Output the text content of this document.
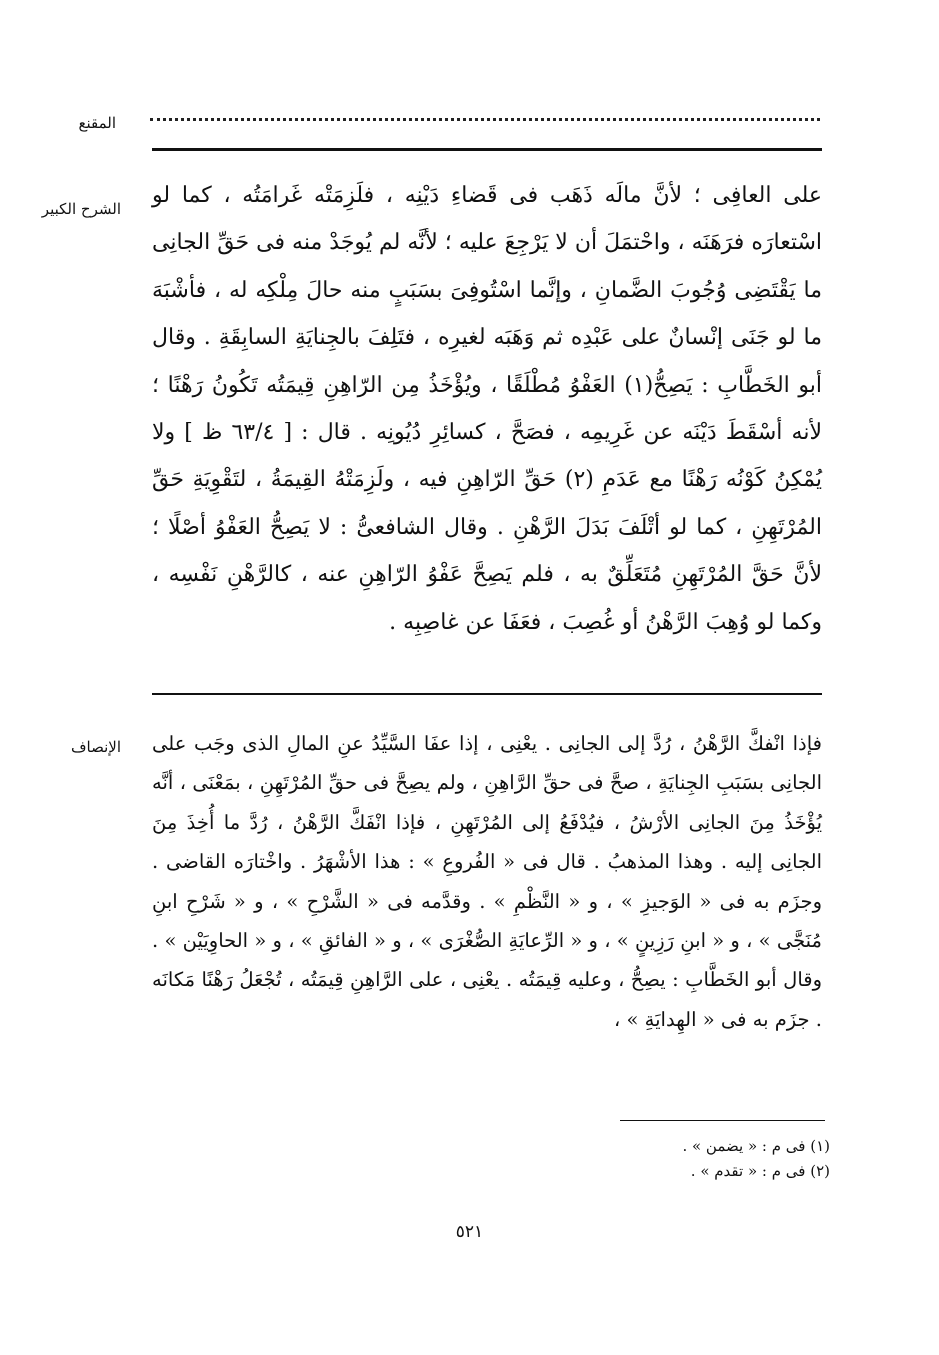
المقنع
الشرح الكبير

على العافِى ؛ لأنَّ مالَه ذَهَب فى قَضاءِ دَيْنِه ، فلَزِمَتْه غَرامَتُه ، كما لو اسْتعارَه فرَهَنَه ، واحْتمَلَ أن لا يَرْجِعَ عليه ؛ لأنَّه لم يُوجَدْ منه فى حَقِّ الجانِى ما يَقْتَضِى وُجُوبَ الضَّمانِ ، وإنَّما اسْتُوفِىَ بسَبَبٍ منه حالَ مِلْكِه له ، فأشْبَهَ ما لو جَنَى إنْسانٌ على عَبْدِه ثم وَهَبَه لغيرِه ، فتَلِفَ بالجِنايَةِ السابِقَةِ . وقال أبو الخَطَّابِ : يَصِحُّ(١) العَفْوُ مُطْلَقًا ، ويُؤْخَذُ مِن الرّاهِنِ قِيمَتُه تَكُونُ رَهْنًا ؛ لأنه أسْقَطَ دَيْنَه عن غَرِيمِه ، فصَحَّ ، كسائِرِ دُيُونِه . قال : [ ٦٣/٤ ظ ] ولا يُمْكِنُ كَوْنُه رَهْنًا مع عَدَمِ (٢) حَقِّ الرّاهِنِ فيه ، ولَزِمَتْهُ القِيمَةُ ، لتَقْوِيَةِ حَقِّ المُرْتَهِنِ ، كما لو أتْلَفَ بَدَلَ الرَّهْنِ . وقال الشافعىُّ : لا يَصِحُّ العَفْوُ أصْلًا ؛ لأنَّ حَقَّ المُرْتَهِنِ مُتَعَلِّقٌ به ، فلم يَصِحَّ عَفْوُ الرّاهِنِ عنه ، كالرَّهْنِ نَفْسِه ، وكما لو وُهِبَ الرَّهْنُ أو غُصِبَ ، فعَفَا عن غاصِبِه .

الإنصاف فإذا انْفكَّ الرَّهْنُ ، رُدَّ إلى الجانِى . يعْنِى ، إذا عفَا السَّيِّدُ عنِ المالِ الذى وجَب على الجانِى بسَبَبِ الجِنايَةِ ، صحَّ فى حقِّ الرَّاهِنِ ، ولم يصِحَّ فى حقِّ المُرْتَهِنِ ، بمَعْنَى ، أنَّه يُؤْخَذُ مِنَ الجانِى الأرْشُ ، فيُدْفَعُ إلى المُرْتَهِنِ ، فإذا انْفَكَّ الرَّهْنُ ، رُدَّ ما أُخِذَ مِنَ الجانِى إليه . وهذا المذهبُ . قال فى « الفُروعِ » : هذا الأشْهَرُ . واخْتارَه القاضى . وجزَم به فى « الوَجيزِ » ، و « النَّظْمِ » . وقدَّمه فى « الشَّرْحِ » ، و « شَرْحِ ابنِ مُنَجَّى » ، و « ابنِ رَزِينٍ » ، و « الرِّعايَةِ الصُّغْرَى » ، و « الفائقِ » ، و « الحاوِيَيْن » . وقال أبو الخَطَّابِ : يصِحُّ ، وعليه قِيمَتُه . يعْنِى ، على الرَّاهِنِ قِيمَتُه ، تُجْعَلُ رَهْنًا مَكانَه . جزَم به فى « الهِدايَةِ » ،

(١) فى م : « يضمن » .
(٢) فى م : « تقدم » .
٥٢١
